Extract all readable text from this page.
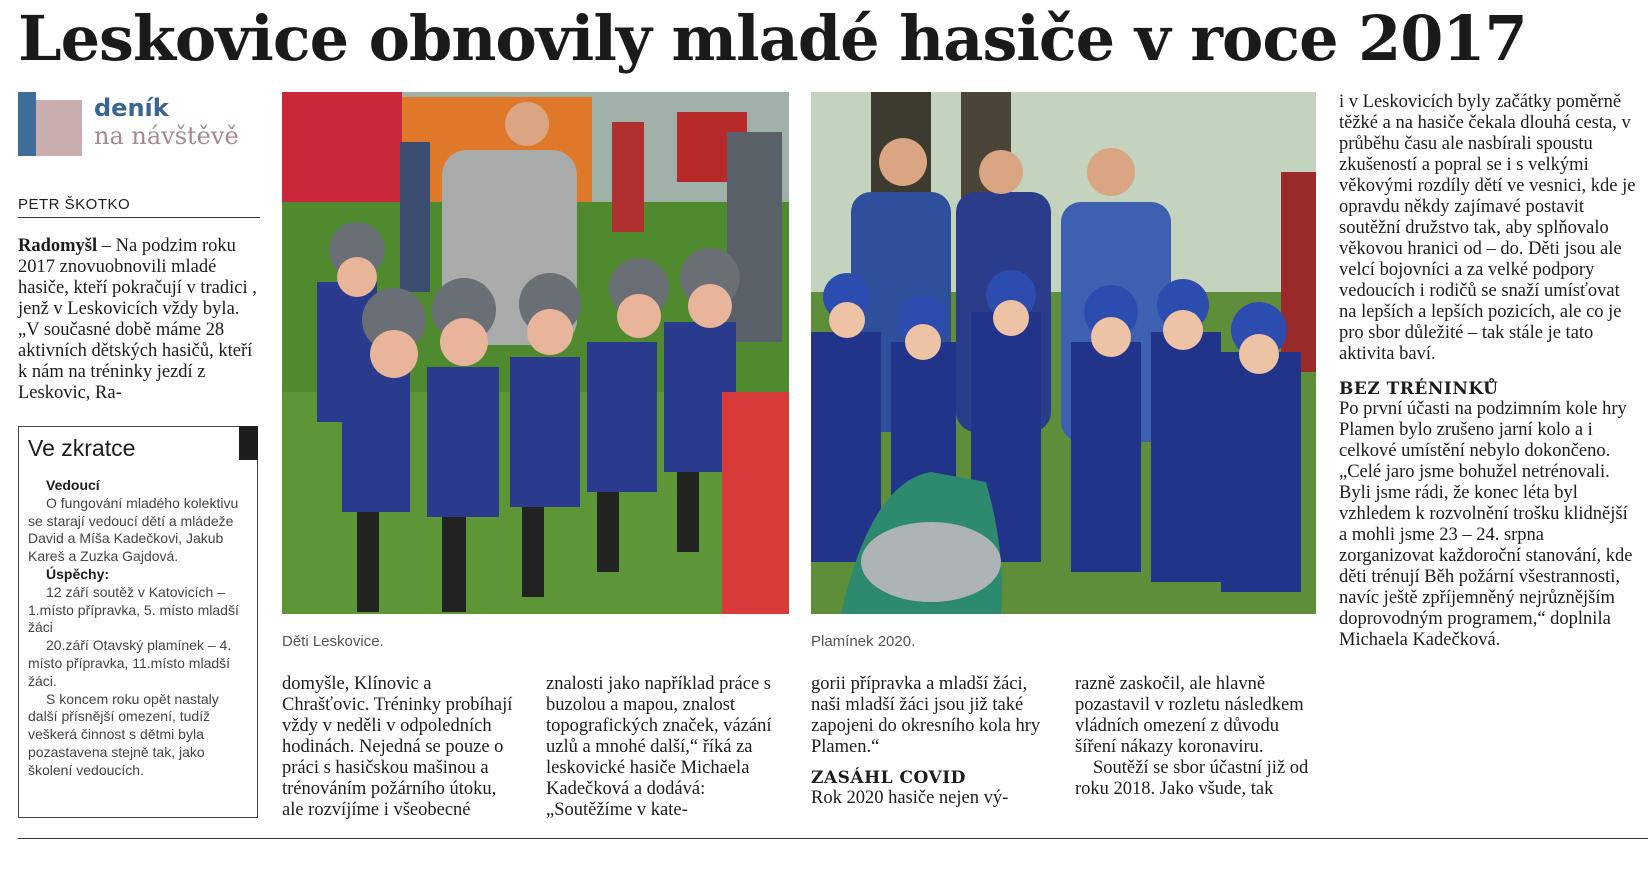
Leskovice obnovily mladé hasiče v roce 2017
deník
na návštěvě
PETR ŠKOTKO
Radomyšl – Na podzim roku 2017 znovuobnovili mladé hasiče, kteří pokračují v tradici , jenž v Leskovicích vždy byla. „V současné době máme 28 aktivních dětských hasičů, kteří k nám na tréninky jezdí z Leskovic, Ra-
Ve zkratce
Vedoucí
O fungování mladého kolektivu se starají vedoucí dětí a mládeže David a Míša Kadečkovi, Jakub Kareš a Zuzka Gajdová.
Úspěchy:
12 září soutěž v Katovicích – 1.místo přípravka, 5. místo mladší žáci
20.září Otavský plamínek – 4. místo přípravka, 11.místo mladší žáci.
S koncem roku opět nastaly další přísnější omezení, tudíž veškerá činnost s dětmi byla pozastavena stejně tak, jako školení vedoucích.
Děti Leskovice.	Plamínek 2020.
domyšle, Klínovic a Chrašťovic. Tréninky probíhají vždy v neděli v odpoledních hodinách. Nejedná se pouze o práci s hasičskou mašinou a trénováním požárního útoku, ale rozvíjíme i všeobecné
znalosti jako například práce s buzolou a mapou, znalost topografických značek, vázání uzlů a mnohé další,“ říká za leskovické hasiče Michaela Kadečková a dodává: „Soutěžíme v kate-
gorii přípravka a mladší žáci, naši mladší žáci jsou již také zapojeni do okresního kola hry Plamen.“
ZASÁHL COVID
Rok 2020 hasiče nejen vý-
razně zaskočil, ale hlavně pozastavil v rozletu následkem vládních omezení z důvodu šíření nákazy koronaviru.
Soutěží se sbor účastní již od roku 2018. Jako všude, tak
i v Leskovicích byly začátky poměrně těžké a na hasiče čekala dlouhá cesta, v průběhu času ale nasbírali spoustu zkušeností a popral se i s velkými věkovými rozdíly dětí ve vesnici, kde je opravdu někdy zajímavé postavit soutěžní družstvo tak, aby splňovalo věkovou hranici od – do. Děti jsou ale velcí bojovníci a za velké podpory vedoucích i rodičů se snaží umísťovat na lepších a lepších pozicích, ale co je pro sbor důležité – tak stále je tato aktivita baví.
BEZ TRÉNINKŮ
Po první účasti na podzimním kole hry Plamen bylo zrušeno jarní kolo a i celkové umístění nebylo dokončeno. „Celé jaro jsme bohužel netrénovali. Byli jsme rádi, že konec léta byl vzhledem k rozvolnění trošku klidnější a mohli jsme 23 – 24. srpna zorganizovat každoroční stanování, kde děti trénují Běh požární všestrannosti, navíc ještě zpříjemněný nejrůznějším doprovodným programem,“ doplnila Michaela Kadečková.
